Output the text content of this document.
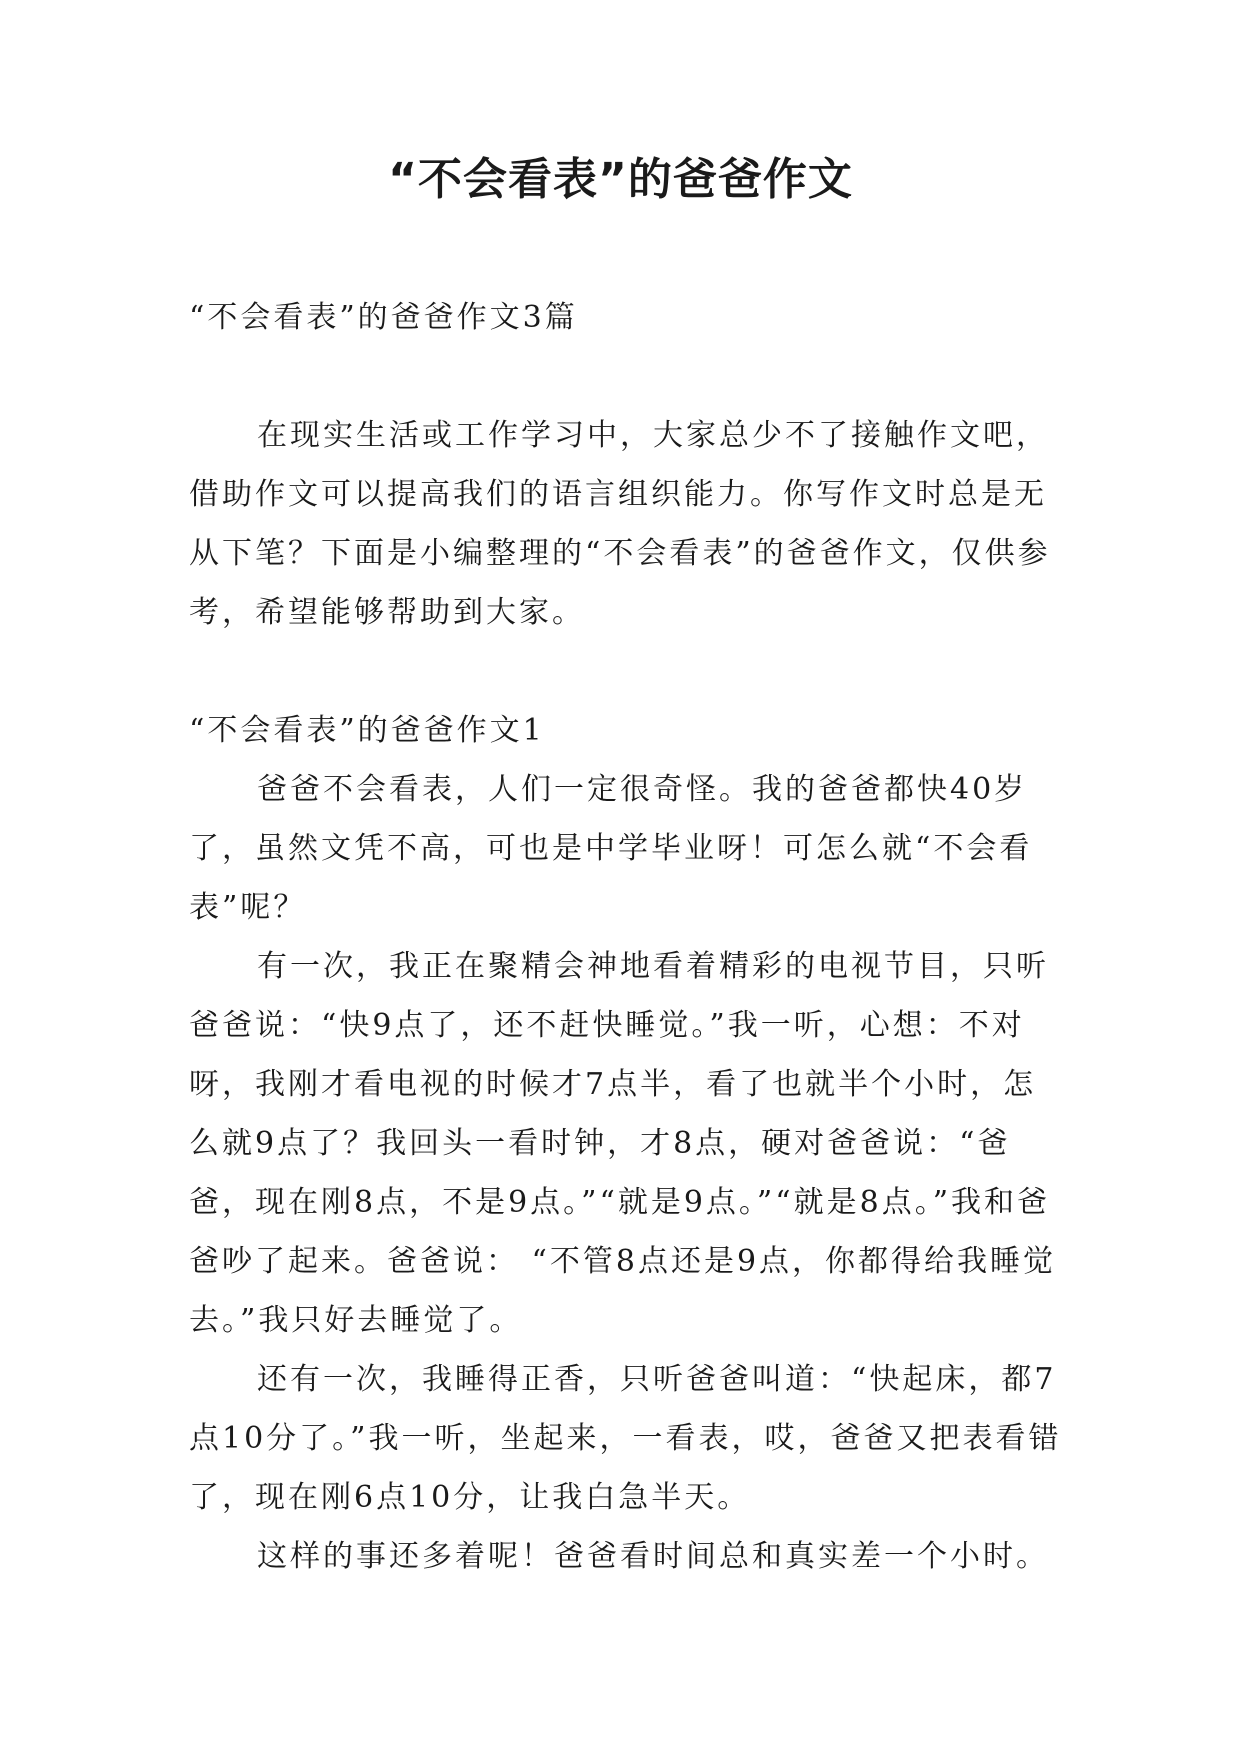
“不会看表”的爸爸作文

“不会看表”的爸爸作文3篇

在现实生活或工作学习中，大家总少不了接触作文吧，借助作文可以提高我们的语言组织能力。你写作文时总是无从下笔？下面是小编整理的“不会看表”的爸爸作文，仅供参考，希望能够帮助到大家。

“不会看表”的爸爸作文1

爸爸不会看表，人们一定很奇怪。我的爸爸都快40岁了，虽然文凭不高，可也是中学毕业呀！可怎么就“不会看表”呢？

有一次，我正在聚精会神地看着精彩的电视节目，只听爸爸说：“快9点了，还不赶快睡觉。”我一听，心想：不对呀，我刚才看电视的时候才7点半，看了也就半个小时，怎么就9点了？我回头一看时钟，才8点，硬对爸爸说：“爸爸，现在刚8点，不是9点。”“就是9点。”“就是8点。”我和爸爸吵了起来。爸爸说： “不管8点还是9点，你都得给我睡觉去。”我只好去睡觉了。

还有一次，我睡得正香，只听爸爸叫道：“快起床，都7点10分了。”我一听，坐起来，一看表，哎，爸爸又把表看错了，现在刚6点10分，让我白急半天。

这样的事还多着呢！爸爸看时间总和真实差一个小时。
